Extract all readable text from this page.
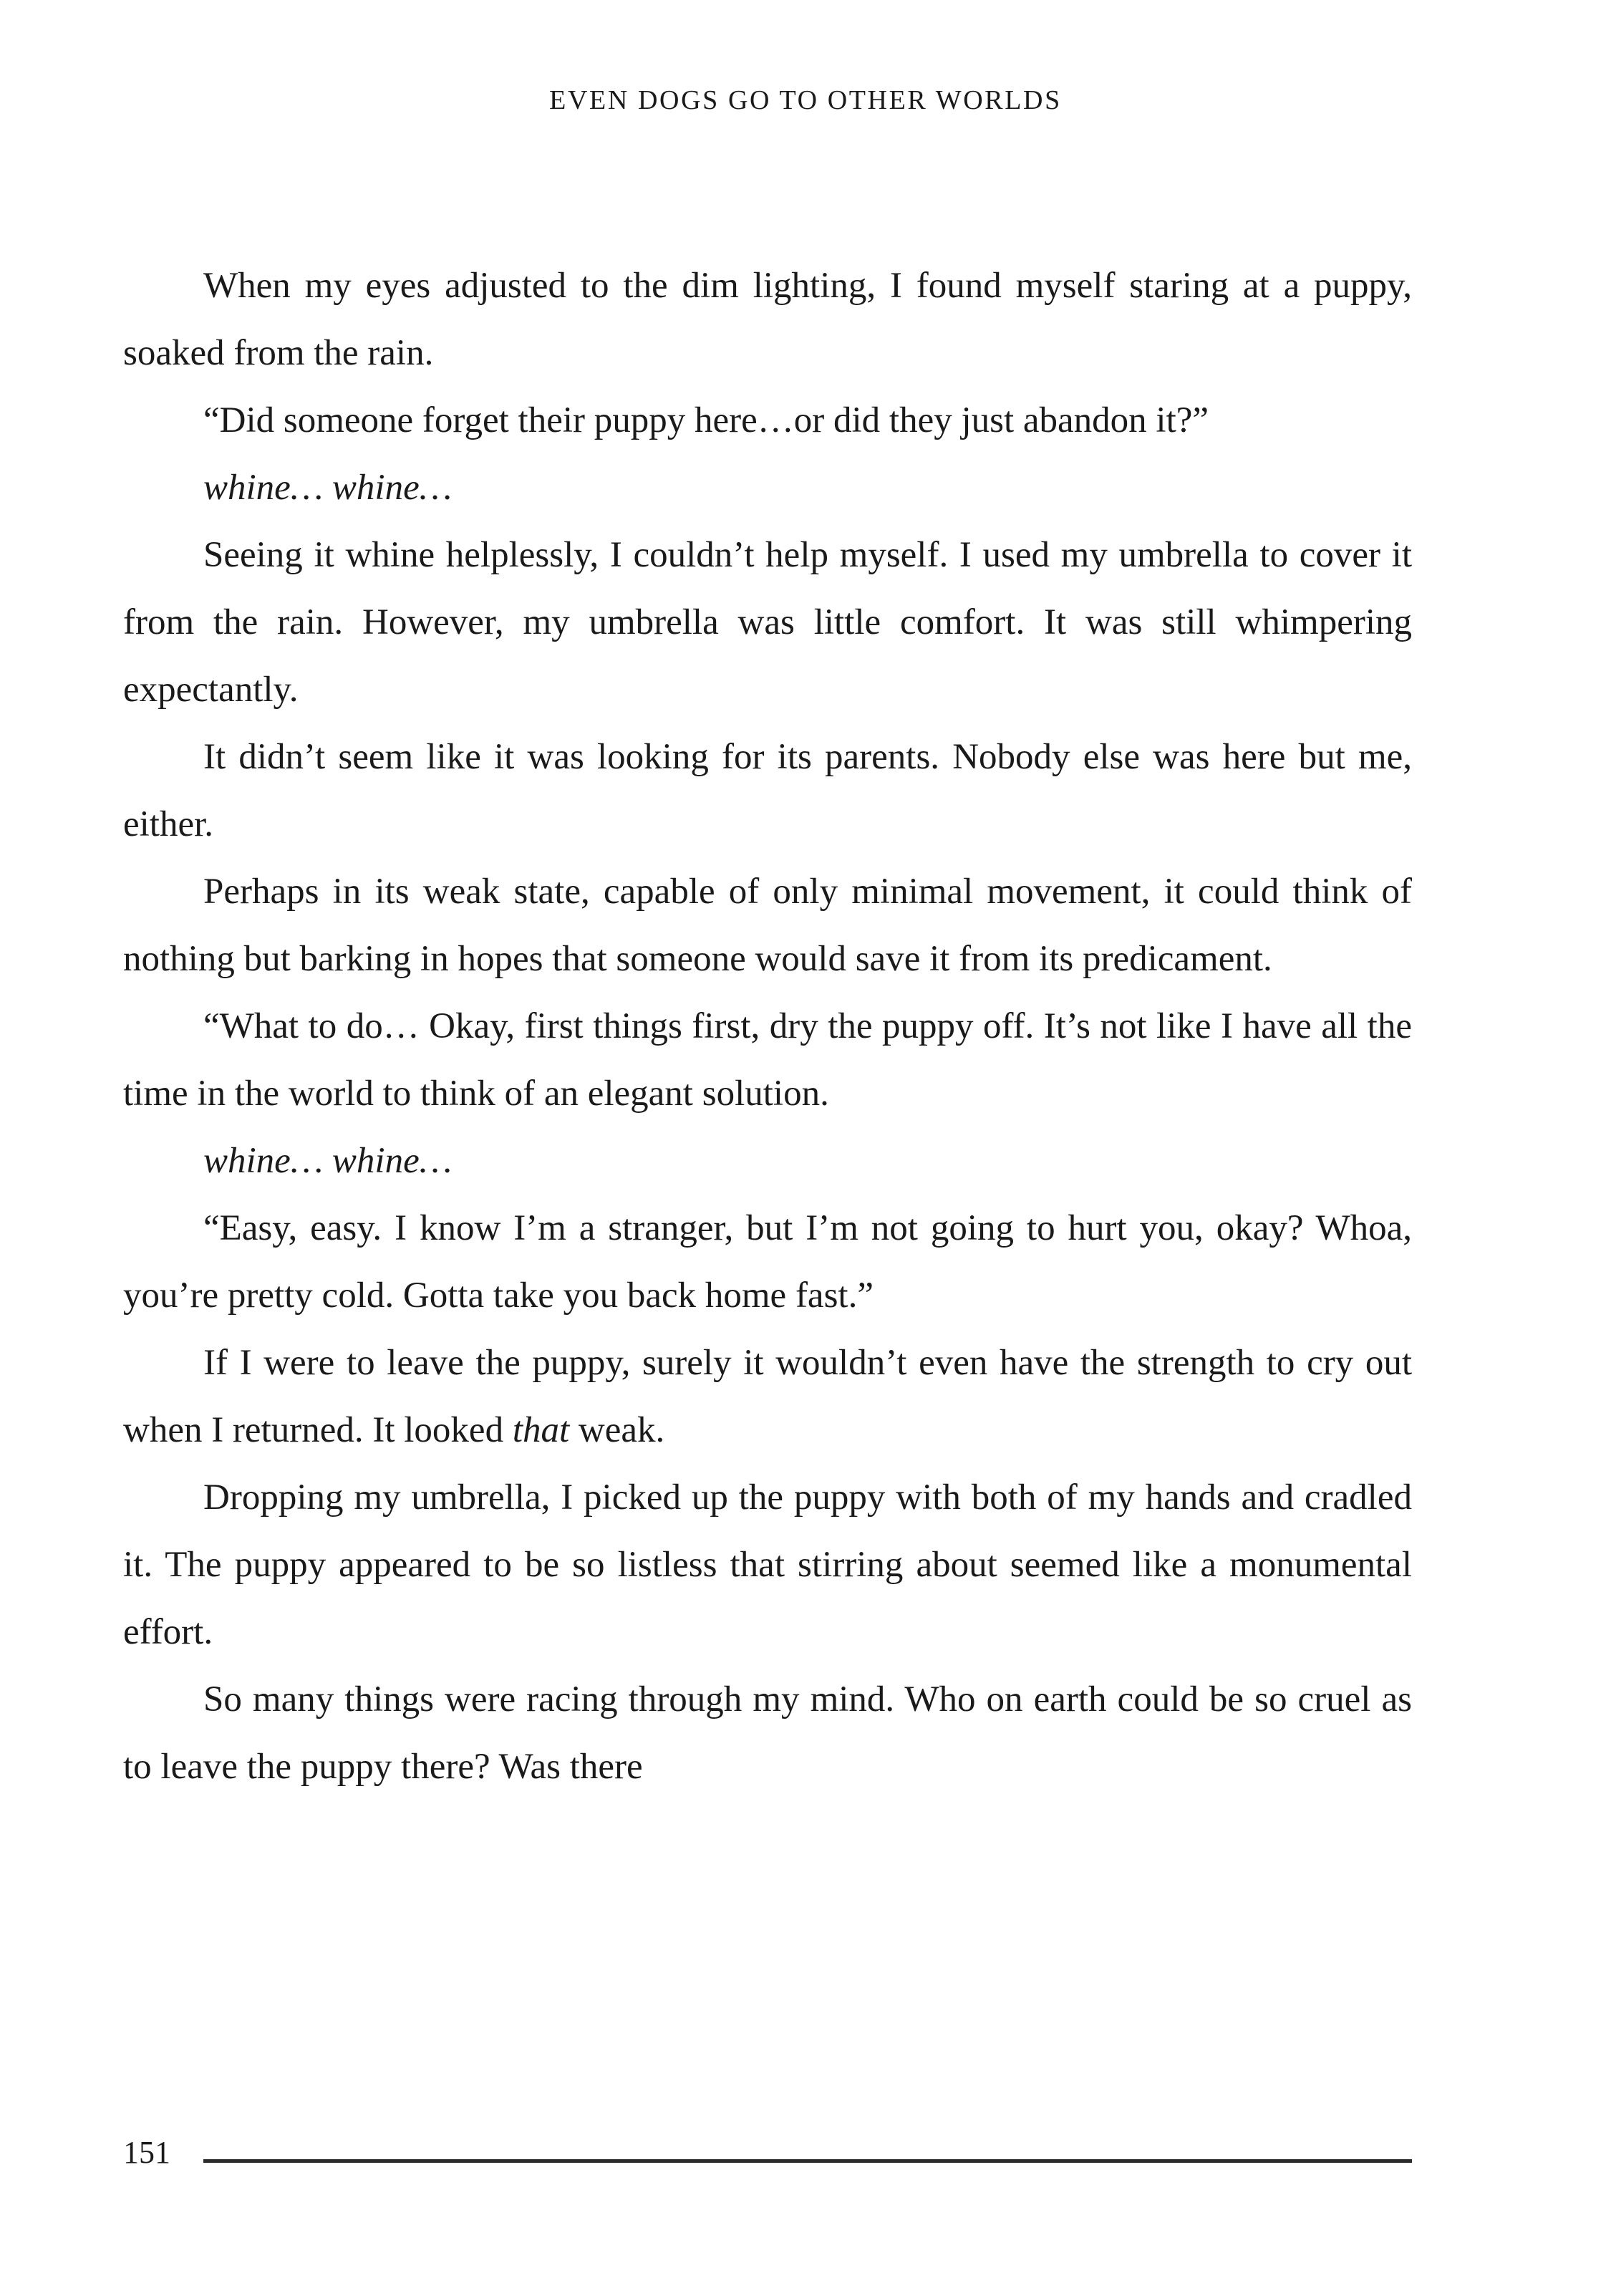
EVEN DOGS GO TO OTHER WORLDS

When my eyes adjusted to the dim lighting, I found myself staring at a puppy, soaked from the rain.

“Did someone forget their puppy here…or did they just abandon it?”

whine… whine…

Seeing it whine helplessly, I couldn’t help myself. I used my umbrella to cover it from the rain. However, my umbrella was little comfort. It was still whimpering expectantly.

It didn’t seem like it was looking for its parents. Nobody else was here but me, either.

Perhaps in its weak state, capable of only minimal movement, it could think of nothing but barking in hopes that someone would save it from its predicament.

“What to do… Okay, first things first, dry the puppy off. It’s not like I have all the time in the world to think of an elegant solution.

whine… whine…

“Easy, easy. I know I’m a stranger, but I’m not going to hurt you, okay? Whoa, you’re pretty cold. Gotta take you back home fast.”

If I were to leave the puppy, surely it wouldn’t even have the strength to cry out when I returned. It looked that weak.

Dropping my umbrella, I picked up the puppy with both of my hands and cradled it. The puppy appeared to be so listless that stirring about seemed like a monumental effort.

So many things were racing through my mind. Who on earth could be so cruel as to leave the puppy there? Was there

151
